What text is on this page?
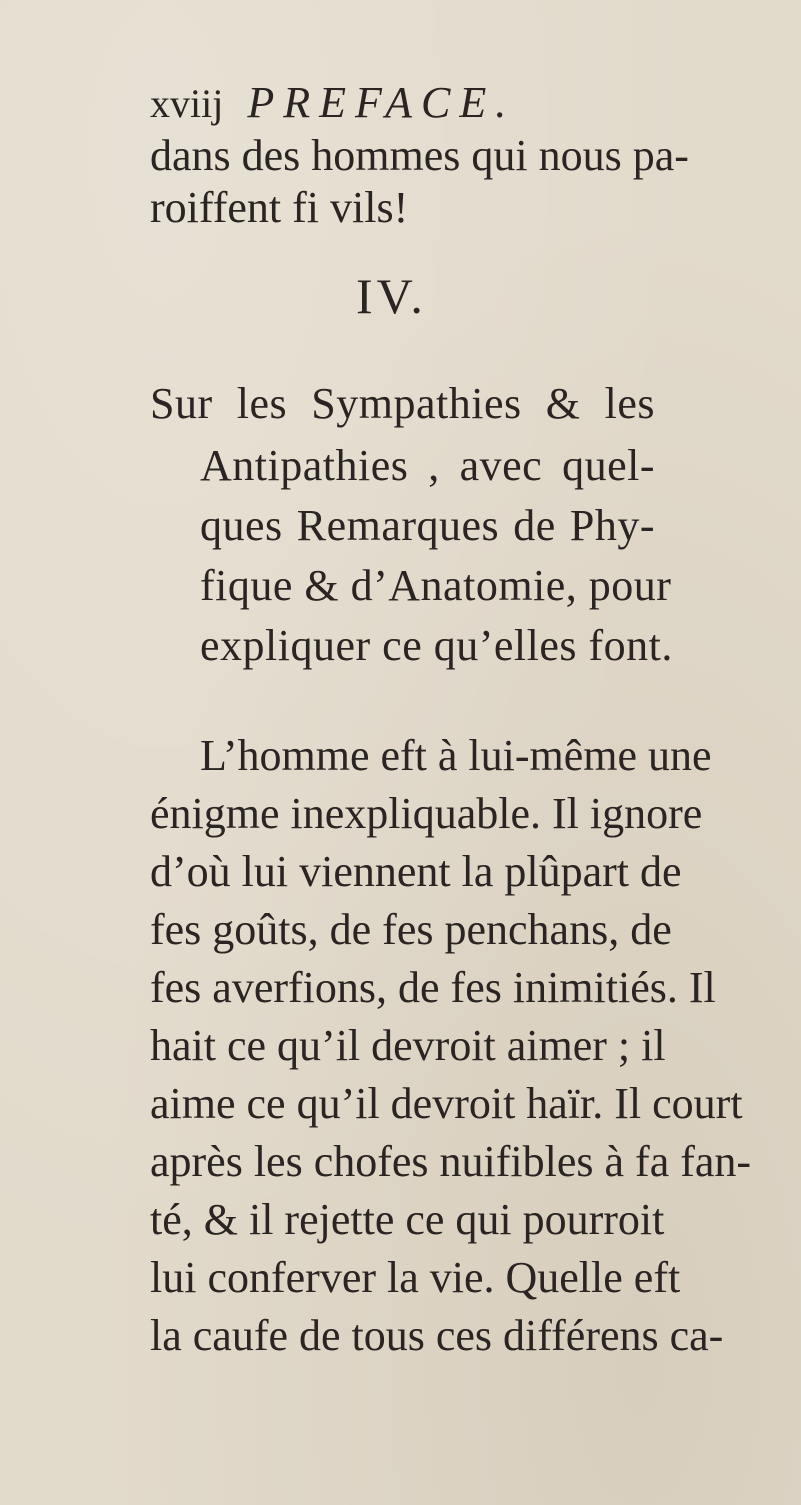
xviij PREFACE.
dans des hommes qui nous pa-
roiffent fi vils!
IV.
Sur les Sympathies & les
Antipathies , avec quel-
ques Remarques de Phy-
fique & d’Anatomie, pour
expliquer ce qu’elles font.
L’homme eft à lui-même une
énigme inexpliquable. Il ignore
d’où lui viennent la plûpart de
fes goûts, de fes penchans, de
fes averfions, de fes inimitiés. Il
hait ce qu’il devroit aimer ; il
aime ce qu’il devroit haïr. Il court
après les chofes nuifibles à fa fan-
té, & il rejette ce qui pourroit
lui conferver la vie. Quelle eft
la caufe de tous ces différens ca-
